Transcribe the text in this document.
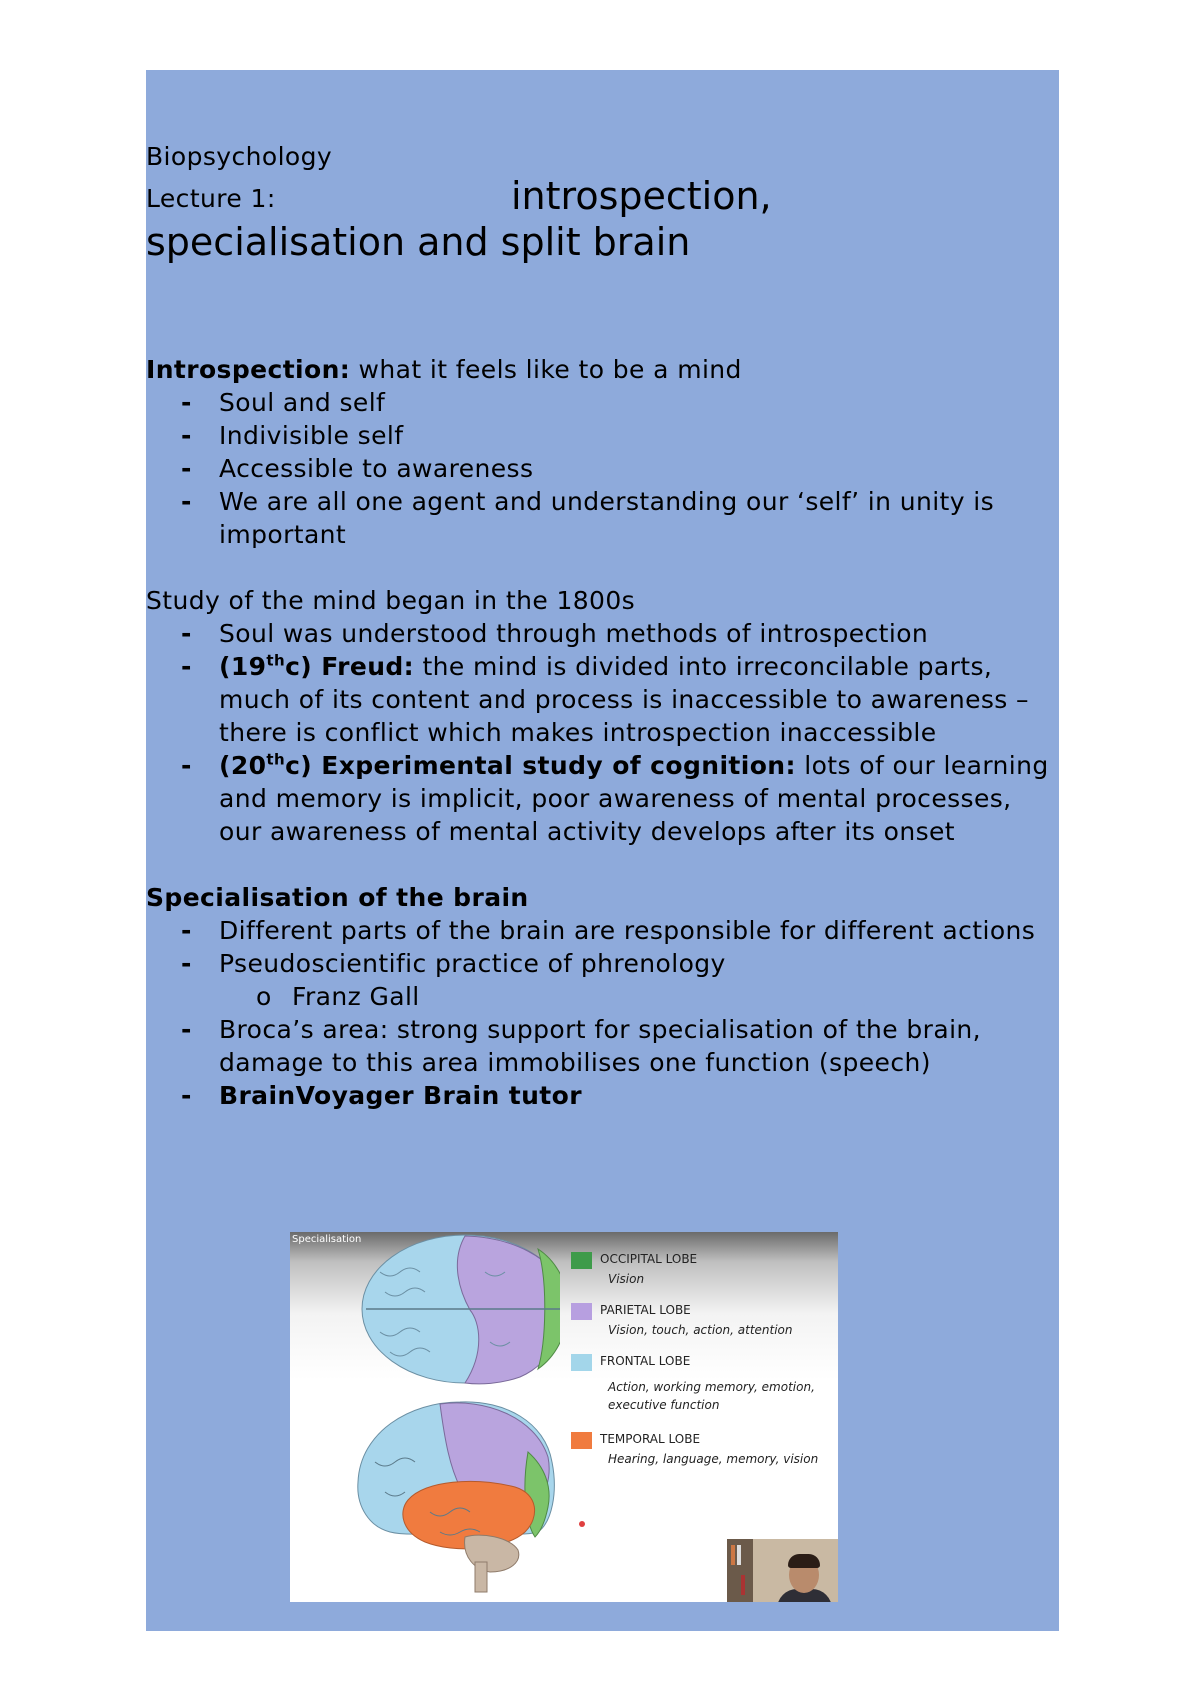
Biopsychology

Lecture 1:	introspection,

specialisation and split brain

Introspection: what it feels like to be a mind

- Soul and self
- Indivisible self
- Accessible to awareness
- We are all one agent and understanding our ‘self’ in unity is important

Study of the mind began in the 1800s

- Soul was understood through methods of introspection
- (19thc) Freud: the mind is divided into irreconcilable parts, much of its content and process is inaccessible to awareness – there is conflict which makes introspection inaccessible
- (20thc) Experimental study of cognition: lots of our learning and memory is implicit, poor awareness of mental processes, our awareness of mental activity develops after its onset
Specialisation of the brain
- Different parts of the brain are responsible for different actions
- Pseudoscientific practice of phrenology
o Franz Gall
- Broca’s area: strong support for specialisation of the brain, damage to this area immobilises one function (speech)
- BrainVoyager Brain tutor
Specialisation
OCCIPITAL LOBE
Vision
PARIETAL LOBE
Vision, touch, action, attention
FRONTAL LOBE
Action, working memory, emotion, executive function
TEMPORAL LOBE
Hearing, language, memory, vision
